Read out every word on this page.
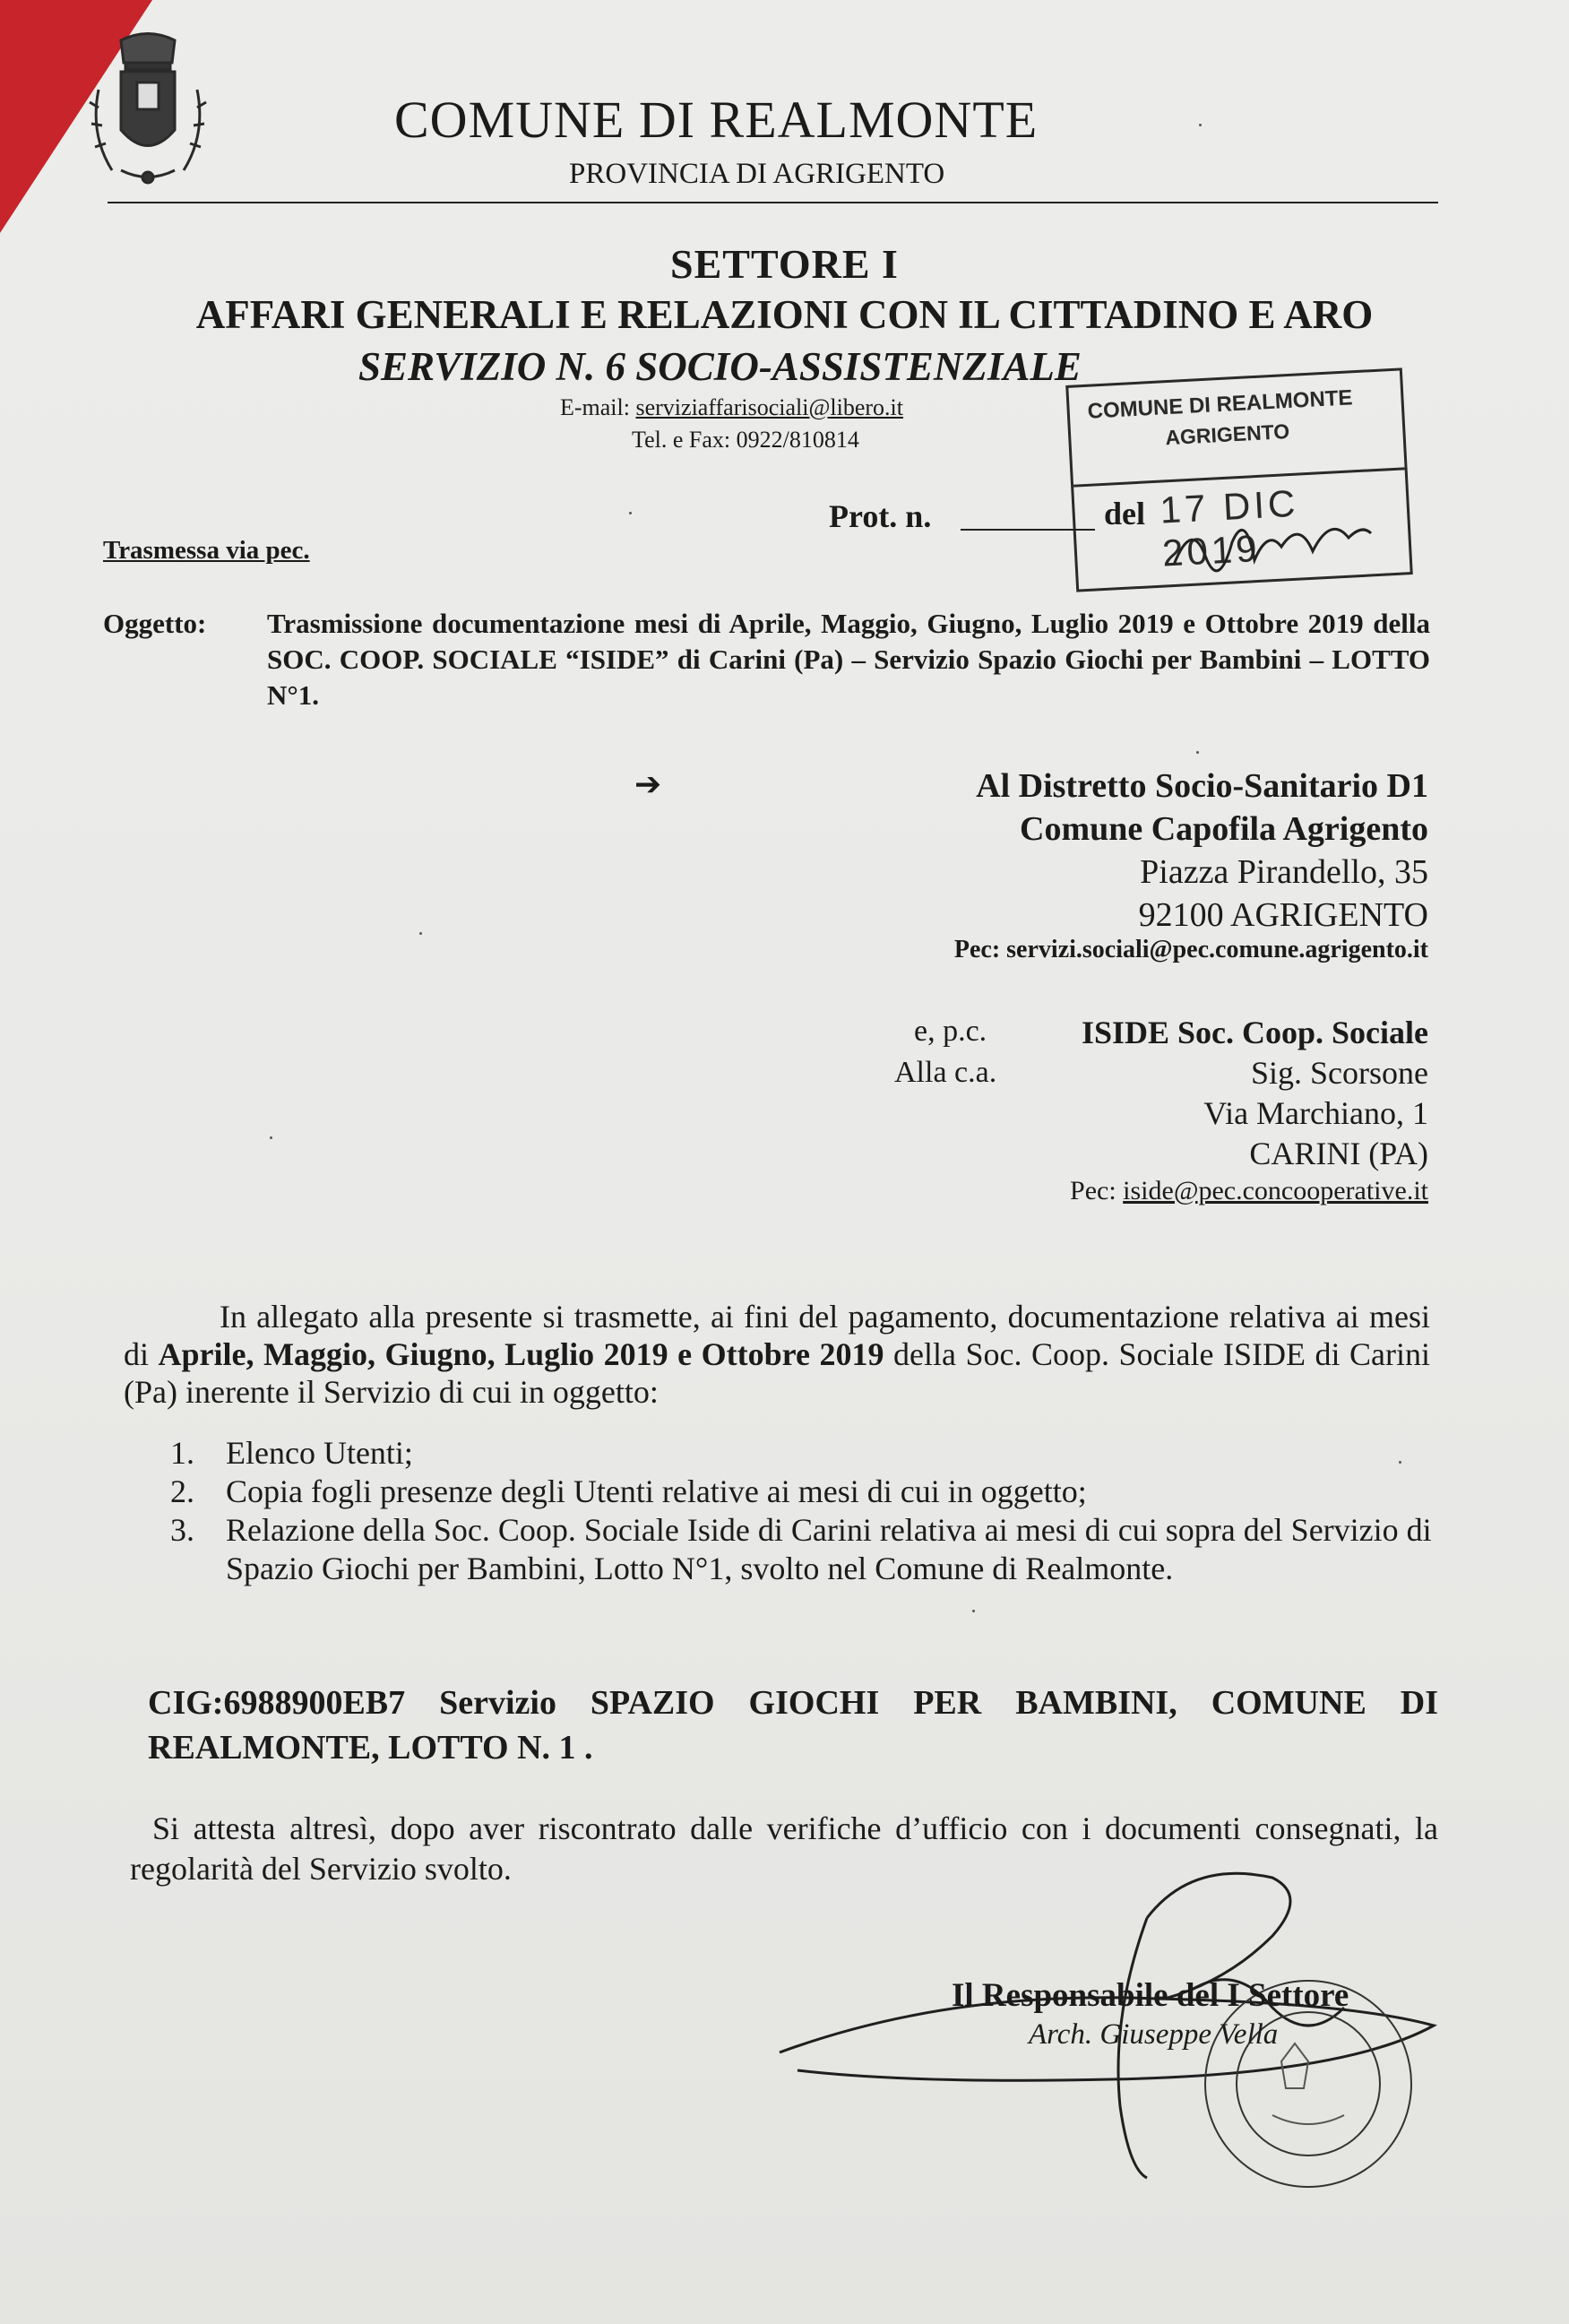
COMUNE DI REALMONTE
PROVINCIA DI AGRIGENTO
SETTORE I
AFFARI GENERALI E RELAZIONI CON IL CITTADINO E ARO
SERVIZIO N. 6 SOCIO-ASSISTENZIALE
E-mail: serviziaffarisociali@libero.it
Tel. e Fax: 0922/810814
COMUNE DI REALMONTE
AGRIGENTO
17 DIC 2019
Prot. n.	del
Trasmessa via pec.
Oggetto: Trasmissione documentazione mesi di Aprile, Maggio, Giugno, Luglio 2019 e Ottobre 2019 della SOC. COOP. SOCIALE “ISIDE” di Carini (Pa) – Servizio Spazio Giochi per Bambini – LOTTO N°1.
➔	Al Distretto Socio-Sanitario D1
Comune Capofila Agrigento
Piazza Pirandello, 35
92100 AGRIGENTO
Pec: servizi.sociali@pec.comune.agrigento.it
e, p.c.
Alla c.a.
ISIDE Soc. Coop. Sociale
Sig. Scorsone
Via Marchiano, 1
CARINI (PA)
Pec: iside@pec.concooperative.it
In allegato alla presente si trasmette, ai fini del pagamento, documentazione relativa ai mesi di Aprile, Maggio, Giugno, Luglio 2019 e Ottobre 2019 della Soc. Coop. Sociale ISIDE di Carini (Pa) inerente il Servizio di cui in oggetto:
1. Elenco Utenti;
2. Copia fogli presenze degli Utenti relative ai mesi di cui in oggetto;
3. Relazione della Soc. Coop. Sociale Iside di Carini relativa ai mesi di cui sopra del Servizio di Spazio Giochi per Bambini, Lotto N°1, svolto nel Comune di Realmonte.
CIG:6988900EB7 Servizio SPAZIO GIOCHI PER BAMBINI, COMUNE DI REALMONTE, LOTTO N. 1 .
Si attesta altresì, dopo aver riscontrato dalle verifiche d’ufficio con i documenti consegnati, la regolarità del Servizio svolto.
Il Responsabile del I Settore
Arch. Giuseppe Vella
